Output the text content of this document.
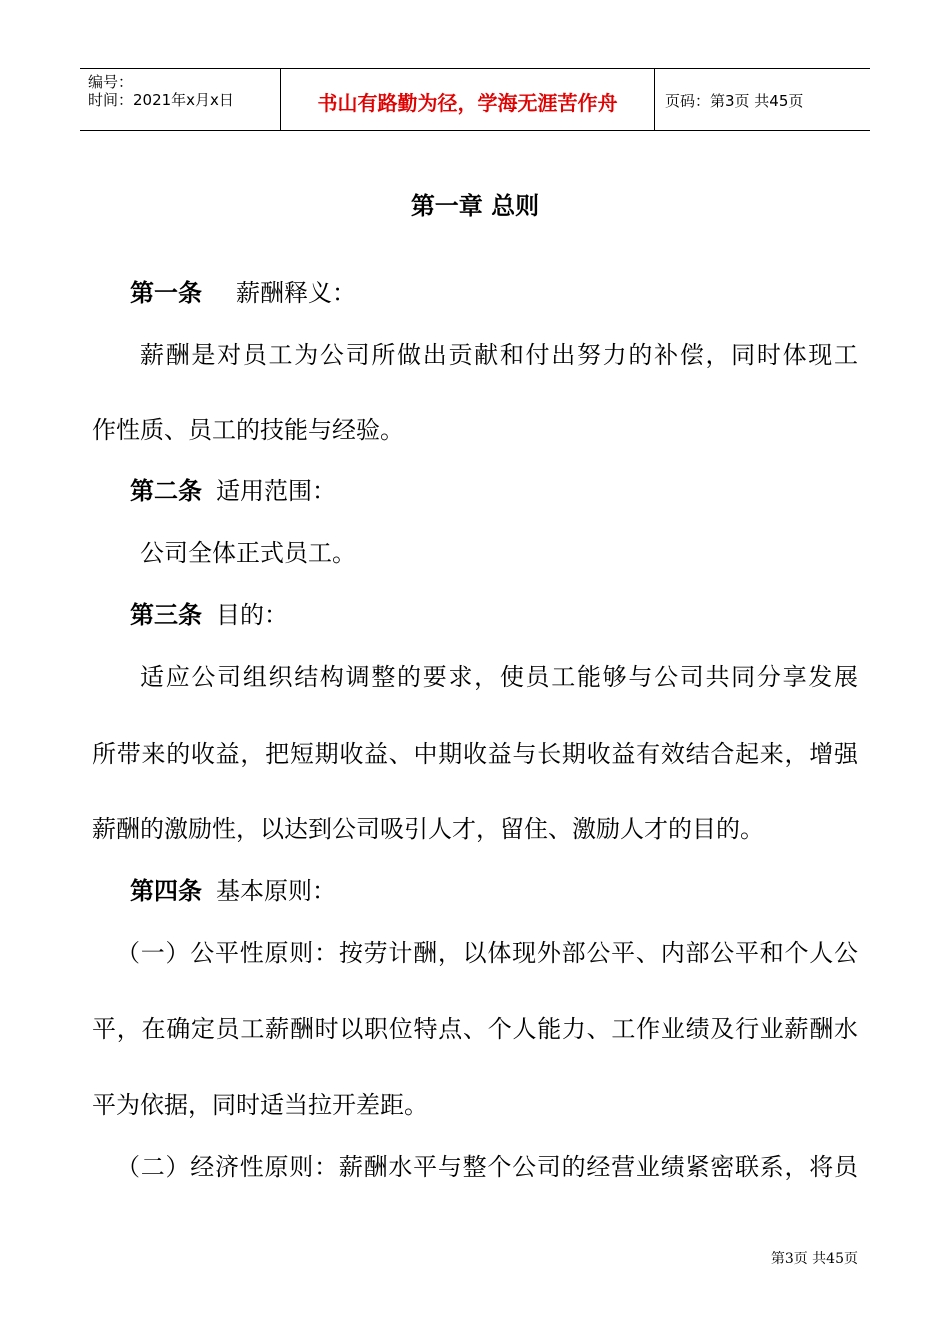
编号：
时间：2021年x月x日	书山有路勤为径，学海无涯苦作舟	页码：第3页 共45页
第一章 总则
第一条 薪酬释义：
薪酬是对员工为公司所做出贡献和付出努力的补偿，同时体现工
作性质、员工的技能与经验。
第二条 适用范围：
公司全体正式员工。
第三条 目的：
适应公司组织结构调整的要求，使员工能够与公司共同分享发展
所带来的收益，把短期收益、中期收益与长期收益有效结合起来，增强
薪酬的激励性，以达到公司吸引人才，留住、激励人才的目的。
第四条 基本原则：
（一）公平性原则：按劳计酬，以体现外部公平、内部公平和个人公
平，在确定员工薪酬时以职位特点、个人能力、工作业绩及行业薪酬水
平为依据，同时适当拉开差距。
（二）经济性原则：薪酬水平与整个公司的经营业绩紧密联系，将员
第3页 共45页
